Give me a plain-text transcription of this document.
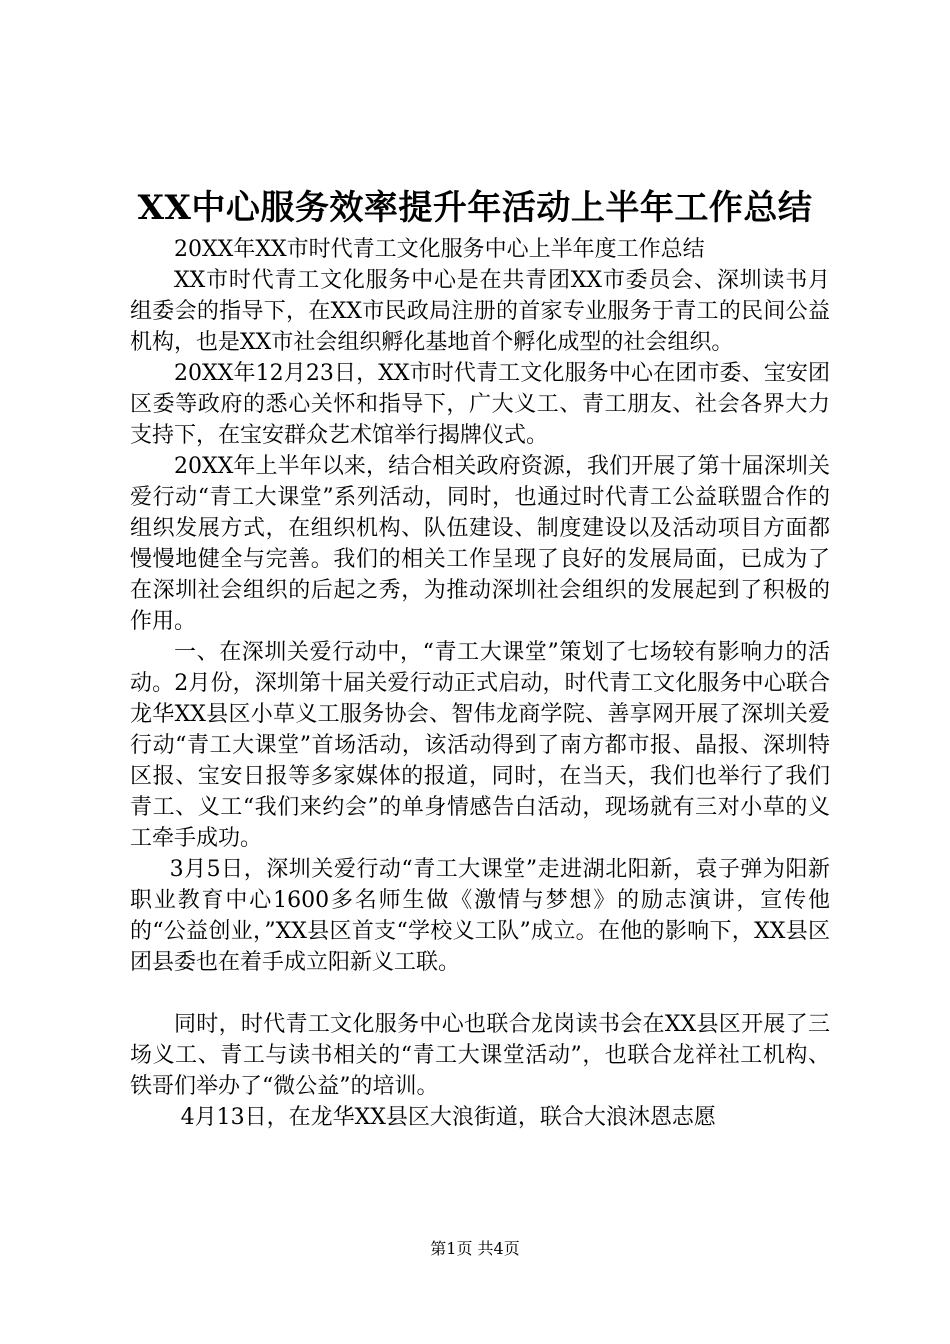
XX中心服务效率提升年活动上半年工作总结

20XX年XX市时代青工文化服务中心上半年度工作总结

XX市时代青工文化服务中心是在共青团XX市委员会、深圳读书月组委会的指导下，在XX市民政局注册的首家专业服务于青工的民间公益机构，也是XX市社会组织孵化基地首个孵化成型的社会组织。

20XX年12月23日，XX市时代青工文化服务中心在团市委、宝安团区委等政府的悉心关怀和指导下，广大义工、青工朋友、社会各界大力支持下，在宝安群众艺术馆举行揭牌仪式。

20XX年上半年以来，结合相关政府资源，我们开展了第十届深圳关爱行动“青工大课堂”系列活动，同时，也通过时代青工公益联盟合作的组织发展方式，在组织机构、队伍建设、制度建设以及活动项目方面都慢慢地健全与完善。我们的相关工作呈现了良好的发展局面，已成为了在深圳社会组织的后起之秀，为推动深圳社会组织的发展起到了积极的作用。

一、在深圳关爱行动中，“青工大课堂”策划了七场较有影响力的活动。2月份，深圳第十届关爱行动正式启动，时代青工文化服务中心联合龙华XX县区小草义工服务协会、智伟龙商学院、善享网开展了深圳关爱行动“青工大课堂”首场活动，该活动得到了南方都市报、晶报、深圳特区报、宝安日报等多家媒体的报道，同时，在当天，我们也举行了我们青工、义工“我们来约会”的单身情感告白活动，现场就有三对小草的义工牵手成功。

3月5日，深圳关爱行动“青工大课堂”走进湖北阳新，袁子弹为阳新职业教育中心1600多名师生做《激情与梦想》的励志演讲，宣传他的“公益创业，”XX县区首支“学校义工队”成立。在他的影响下，XX县区团县委也在着手成立阳新义工联。

同时，时代青工文化服务中心也联合龙岗读书会在XX县区开展了三场义工、青工与读书相关的“青工大课堂活动”，也联合龙祥社工机构、铁哥们举办了“微公益”的培训。

4月13日，在龙华XX县区大浪街道，联合大浪沐恩志愿

第1页 共4页
